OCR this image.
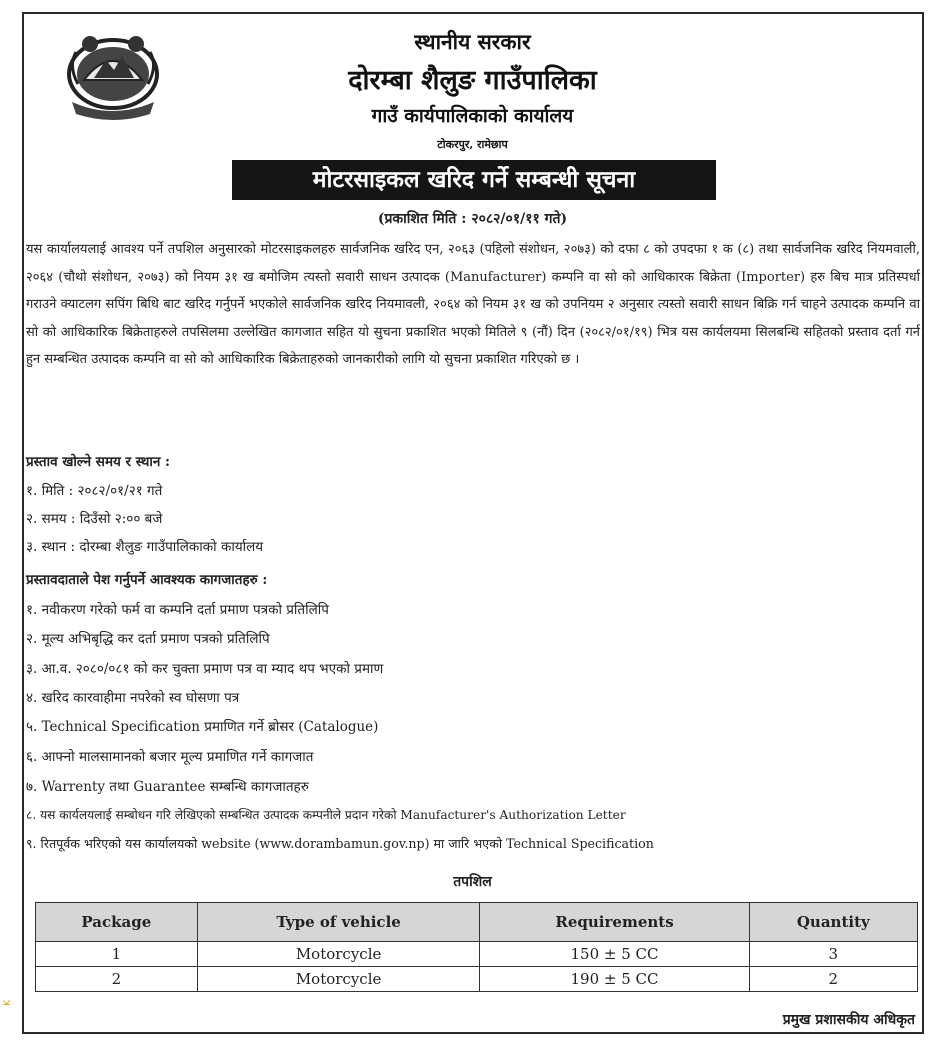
स्थानीय सरकार
दोरम्बा शैलुङ गाउँपालिका
गाउँ कार्यपालिकाको कार्यालय
टोकरपुर, रामेछाप
मोटरसाइकल खरिद गर्ने सम्बन्धी सूचना
(प्रकाशित मिति : २०८२/०१/११ गते)

यस कार्यालयलाई आवश्य पर्ने तपशिल अनुसारको मोटरसाइकलहरु सार्वजनिक खरिद एन, २०६३ (पहिलो संशोधन, २०७३) को दफा ८ को उपदफा १ क (८) तथा सार्वजनिक खरिद नियमवाली, २०६४ (चौथो संशोधन, २०७३) को नियम ३१ ख बमोजिम त्यस्तो सवारी साधन उत्पादक (Manufacturer) कम्पनि वा सो को आधिकारक बिक्रेता (Importer) हरु बिच मात्र प्रतिस्पर्धा गराउने क्याटलग सपिंग बिधि बाट खरिद गर्नुपर्ने भएकोले सार्वजनिक खरिद नियमावली, २०६४ को नियम ३१ ख को उपनियम २ अनुसार त्यस्तो सवारी साधन बिक्रि गर्न चाहने उत्पादक कम्पनि वा सो को आधिकारिक बिक्रेताहरुले तपसिलमा उल्लेखित कागजात सहित यो सुचना प्रकाशित भएको मितिले ९ (नौं) दिन (२०८२/०१/१९) भित्र यस कार्यलयमा सिलबन्धि सहितको प्रस्ताव दर्ता गर्न हुन सम्बन्धित उत्पादक कम्पनि वा सो को आधिकारिक बिक्रेताहरुको जानकारीको लागि यो सुचना प्रकाशित गरिएको छ ।

प्रस्ताव खोल्ने समय र स्थान :
१. मिति : २०८२/०१/२१ गते
२. समय : दिउँसो २:०० बजे
३. स्थान : दोरम्बा शैलुङ गाउँपालिकाको कार्यालय
प्रस्तावदाताले पेश गर्नुपर्ने आवश्यक कागजातहरु :
१. नवीकरण गरेको फर्म वा कम्पनि दर्ता प्रमाण पत्रको प्रतिलिपि
२. मूल्य अभिबृद्धि कर दर्ता प्रमाण पत्रको प्रतिलिपि
३. आ.व. २०८०/०८१ को कर चुक्ता प्रमाण पत्र वा म्याद थप भएको प्रमाण
४. खरिद कारवाहीमा नपरेको स्व घोसणा पत्र
५. Technical Specification प्रमाणित गर्ने ब्रोसर (Catalogue)
६. आफ्नो मालसामानको बजार मूल्य प्रमाणित गर्ने कागजात
७. Warrenty तथा Guarantee सम्बन्धि कागजातहरु
८. यस कार्यलयलाई सम्बोधन गरि लेखिएको सम्बन्धित उत्पादक कम्पनीले प्रदान गरेको Manufacturer's Authorization Letter
९. रितपूर्वक भरिएको यस कार्यालयको website (www.dorambamun.gov.np) मा जारि भएको Technical Specification
तपशिल
Package	Type of vehicle	Requirements	Quantity
1	Motorcycle	150 ± 5 CC	3
2	Motorcycle	190 ± 5 CC	2
प्रमुख प्रशासकीय अधिकृत
K
